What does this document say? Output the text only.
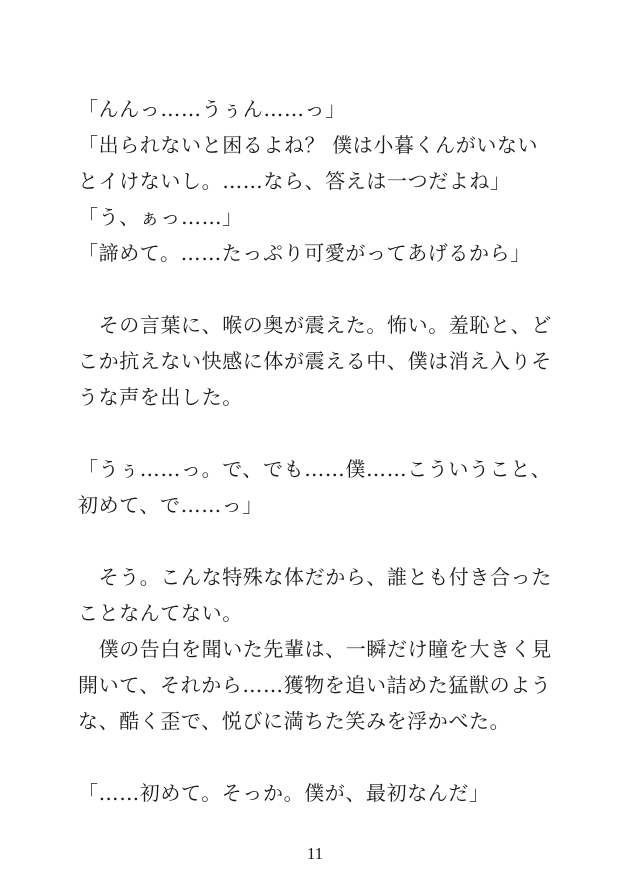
「んんっ……うぅん……っ」
「出られないと困るよね？ 僕は小暮くんがいない
とイけないし。……なら、答えは一つだよね」
「う、ぁっ……」
「諦めて。……たっぷり可愛がってあげるから」
　その言葉に、喉の奥が震えた。怖い。羞恥と、ど
こか抗えない快感に体が震える中、僕は消え入りそ
うな声を出した。
「うぅ……っ。で、でも……僕……こういうこと、
初めて、で……っ」
　そう。こんな特殊な体だから、誰とも付き合った
ことなんてない。
　僕の告白を聞いた先輩は、一瞬だけ瞳を大きく見
開いて、それから……獲物を追い詰めた猛獣のよう
な、酷く歪で、悦びに満ちた笑みを浮かべた。
「……初めて。そっか。僕が、最初なんだ」
11
